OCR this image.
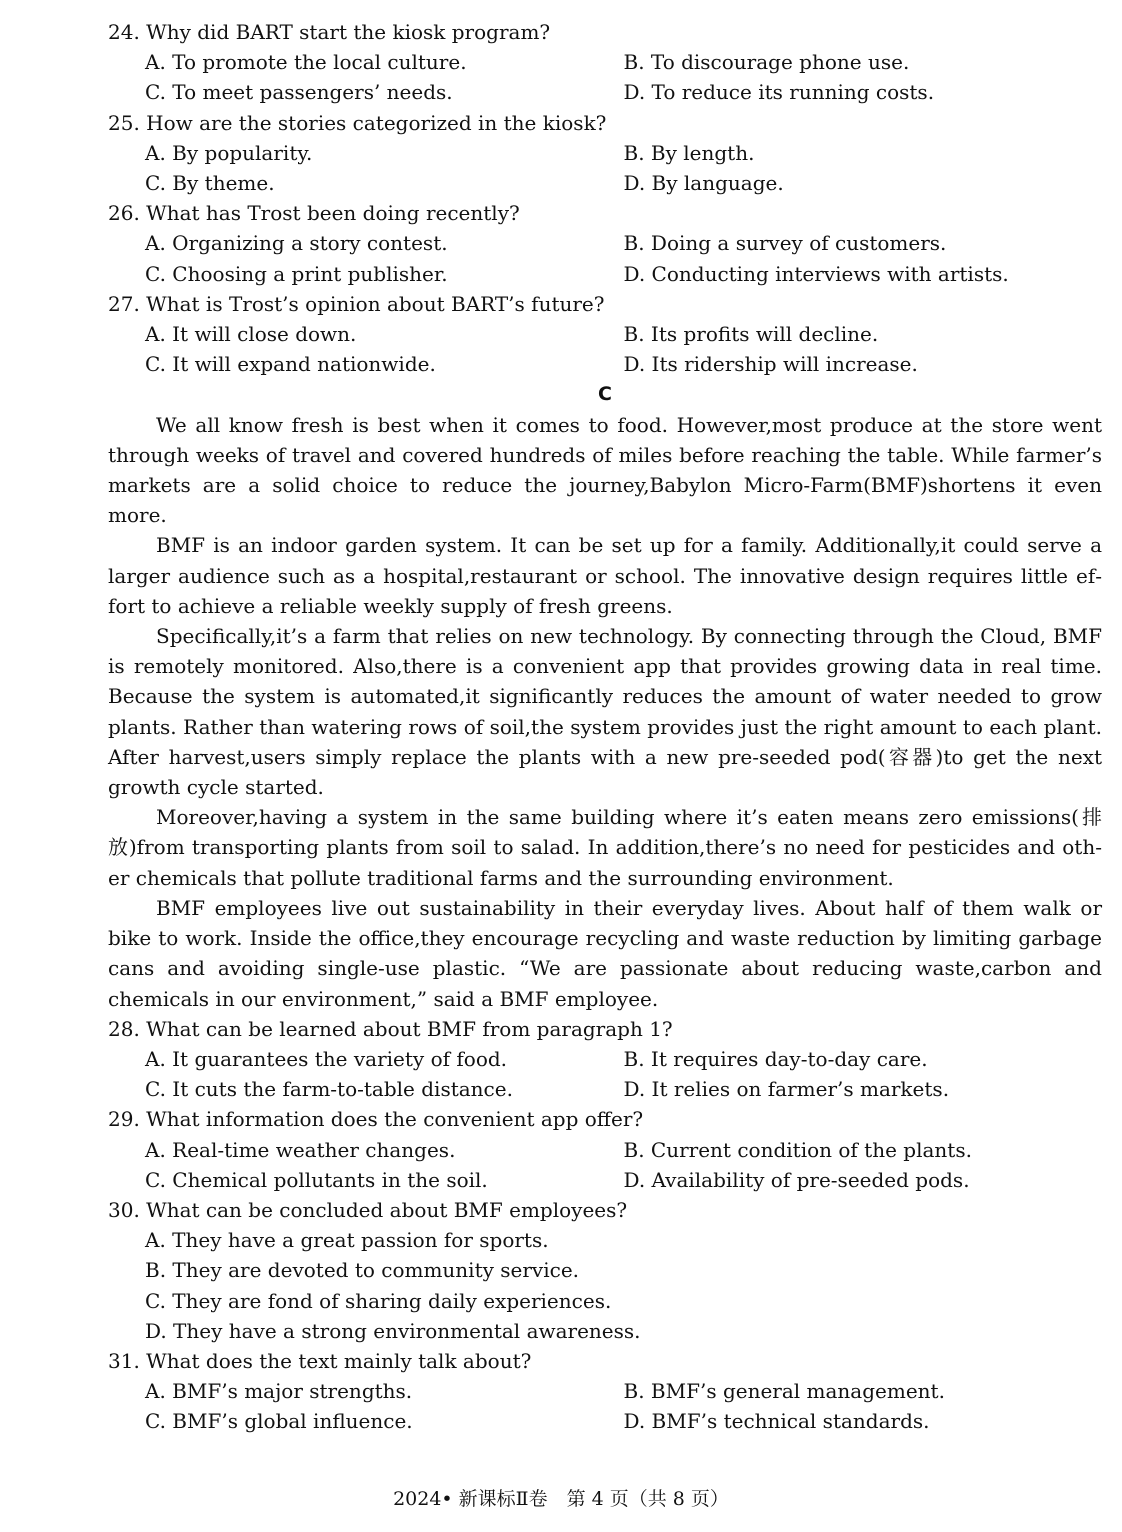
24. Why did BART start the kiosk program?
A. To promote the local culture.	B. To discourage phone use.
C. To meet passengers’ needs.	D. To reduce its running costs.
25. How are the stories categorized in the kiosk?
A. By popularity.	B. By length.
C. By theme.	D. By language.
26. What has Trost been doing recently?
A. Organizing a story contest.	B. Doing a survey of customers.
C. Choosing a print publisher.	D. Conducting interviews with artists.
27. What is Trost’s opinion about BART’s future?
A. It will close down.	B. Its profits will decline.
C. It will expand nationwide.	D. Its ridership will increase.
C

We all know fresh is best when it comes to food. However,most produce at the store went through weeks of travel and covered hundreds of miles before reaching the table. While farmer’s markets are a solid choice to reduce the journey,Babylon Micro-Farm(BMF)shortens it even more.

BMF is an indoor garden system. It can be set up for a family. Additionally,it could serve a larger audience such as a hospital,restaurant or school. The innovative design requires little effort to achieve a reliable weekly supply of fresh greens.

Specifically,it’s a farm that relies on new technology. By connecting through the Cloud, BMF is remotely monitored. Also,there is a convenient app that provides growing data in real time. Because the system is automated,it significantly reduces the amount of water needed to grow plants. Rather than watering rows of soil,the system provides just the right amount to each plant. After harvest,users simply replace the plants with a new pre-seeded pod(容器)to get the next growth cycle started.

Moreover,having a system in the same building where it’s eaten means zero emissions(排放)from transporting plants from soil to salad. In addition,there’s no need for pesticides and other chemicals that pollute traditional farms and the surrounding environment.

BMF employees live out sustainability in their everyday lives. About half of them walk or bike to work. Inside the office,they encourage recycling and waste reduction by limiting garbage cans and avoiding single-use plastic. “We are passionate about reducing waste,carbon and chemicals in our environment,” said a BMF employee.

28. What can be learned about BMF from paragraph 1?
A. It guarantees the variety of food.	B. It requires day-to-day care.
C. It cuts the farm-to-table distance.	D. It relies on farmer’s markets.
29. What information does the convenient app offer?
A. Real-time weather changes.	B. Current condition of the plants.
C. Chemical pollutants in the soil.	D. Availability of pre-seeded pods.
30. What can be concluded about BMF employees?
A. They have a great passion for sports.
B. They are devoted to community service.
C. They are fond of sharing daily experiences.
D. They have a strong environmental awareness.
31. What does the text mainly talk about?
A. BMF’s major strengths.	B. BMF’s general management.
C. BMF’s global influence.	D. BMF’s technical standards.
2024• 新课标Ⅱ卷　第 4 页（共 8 页）
